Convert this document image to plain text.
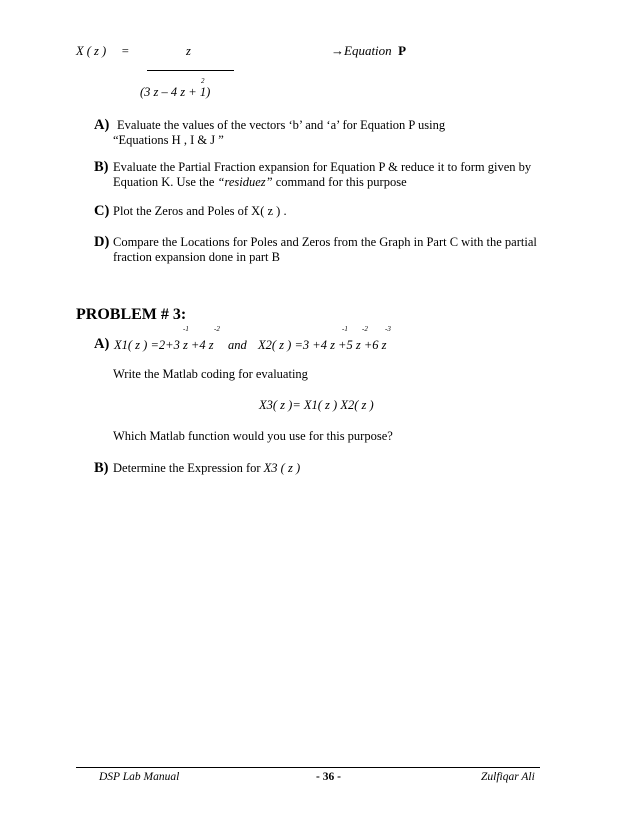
X ( z ) =	z	→Equation P
2
(3 z – 4 z + 1)
A) Evaluate the values of the vectors ‘b’ and ‘a’ for Equation P using
“Equations H , I & J ”
B) Evaluate the Partial Fraction expansion for Equation P & reduce it to form given by
Equation K. Use the “residuez” command for this purpose
C) Plot the Zeros and Poles of X( z ) .
D) Compare the Locations for Poles and Zeros from the Graph in Part C with the partial
fraction expansion done in part B
PROBLEM # 3:
-1	-2	-1 -2 -3
A) X1( z ) =2+3 z +4 z and X2( z ) =3 +4 z +5 z +6 z
Write the Matlab coding for evaluating
X3( z )= X1( z ) X2( z )
Which Matlab function would you use for this purpose?
B) Determine the Expression for X3 ( z )
DSP Lab Manual	- 36 -	Zulfiqar Ali
